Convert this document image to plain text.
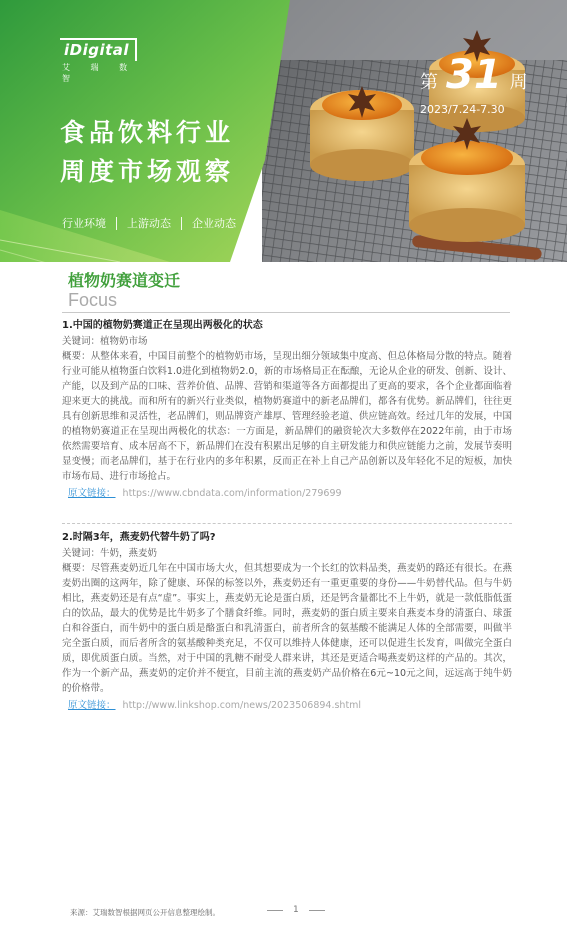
iDigital
艾 瑞 数 智
食品饮料行业
周度市场观察
行业环境 上游动态 企业动态
第 31 周
2023/7.24-7.30
植物奶赛道变迁
Focus
1.中国的植物奶赛道正在呈现出两极化的状态
关键词：植物奶市场
概要：从整体来看，中国目前整个的植物奶市场，呈现出细分领域集中度高、但总体格局分散的特点。随着行业可能从植物蛋白饮料1.0进化到植物奶2.0，新的市场格局正在酝酿，无论从企业的研发、创新、设计、产能，以及到产品的口味、营养价值、品牌、营销和渠道等各方面都提出了更高的要求，各个企业都面临着迎来更大的挑战。而和所有的新兴行业类似，植物奶赛道中的新老品牌们，都各有优势。新品牌们，往往更具有创新思维和灵活性，老品牌们，则品牌资产雄厚、管理经验老道、供应链高效。经过几年的发展，中国的植物奶赛道正在呈现出两极化的状态：一方面是，新品牌们的融资轮次大多数停在2022年前，由于市场依然需要培育、成本居高不下，新品牌们在没有积累出足够的自主研发能力和供应链能力之前，发展节奏明显变慢；而老品牌们，基于在行业内的多年积累，反而正在补上自己产品创新以及年轻化不足的短板，加快市场布局、进行市场抢占。
原文链接： https://www.cbndata.com/information/279699
2.时隔3年，燕麦奶代替牛奶了吗?
关键词：牛奶，燕麦奶
概要：尽管燕麦奶近几年在中国市场大火，但其想要成为一个长红的饮料品类，燕麦奶的路还有很长。在燕麦奶出圈的这两年，除了健康、环保的标签以外，燕麦奶还有一重更重要的身份——牛奶替代品。但与牛奶相比，燕麦奶还是有点“虚”。事实上，燕麦奶无论是蛋白质，还是钙含量都比不上牛奶，就是一款低脂低蛋白的饮品，最大的优势是比牛奶多了个膳食纤维。同时，燕麦奶的蛋白质主要来自燕麦本身的清蛋白、球蛋白和谷蛋白，而牛奶中的蛋白质是酪蛋白和乳清蛋白，前者所含的氨基酸不能满足人体的全部需要，叫做半完全蛋白质，而后者所含的氨基酸种类充足，不仅可以维持人体健康，还可以促进生长发育，叫做完全蛋白质，即优质蛋白质。当然，对于中国的乳糖不耐受人群来讲，其还是更适合喝燕麦奶这样的产品的。其次，作为一个新产品，燕麦奶的定价并不便宜，目前主流的燕麦奶产品价格在6元~10元之间，远远高于纯牛奶的价格带。
原文链接： http://www.linkshop.com/news/2023506894.shtml
来源：艾瑞数智根据网页公开信息整理绘制。	1
